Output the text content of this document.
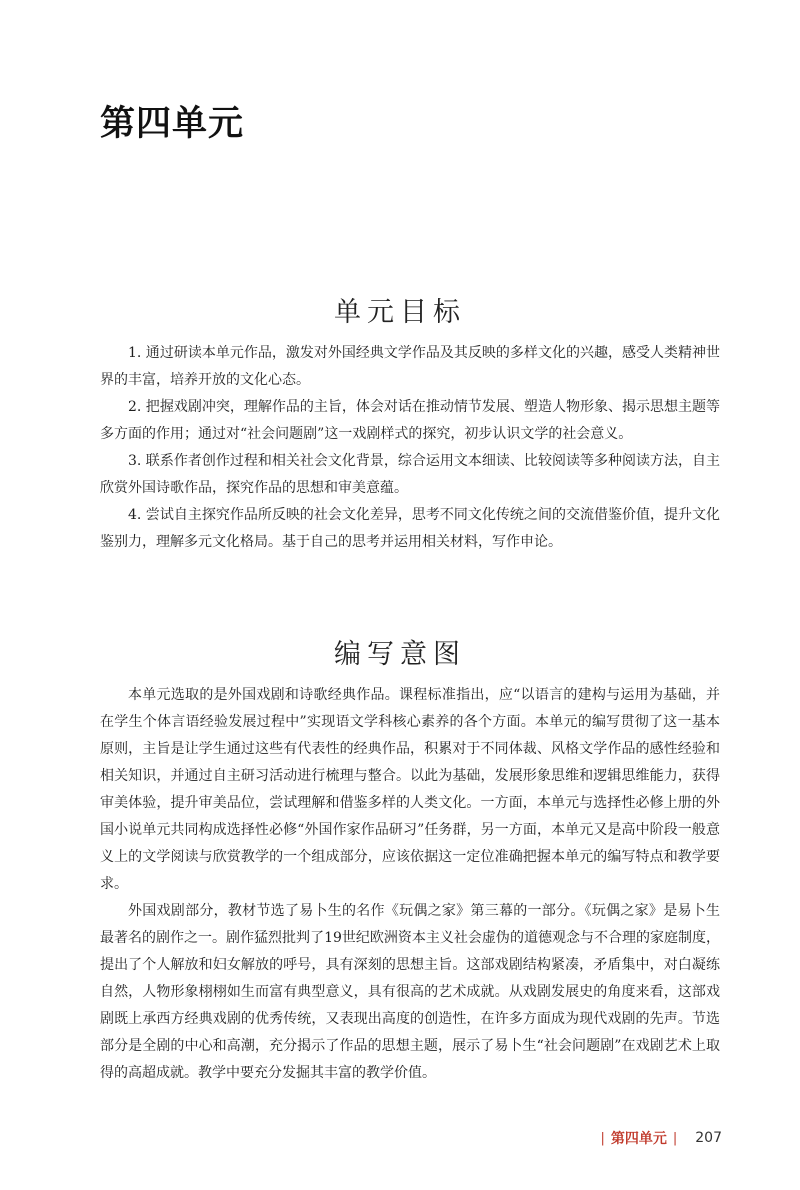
第四单元
单元目标

1. 通过研读本单元作品，激发对外国经典文学作品及其反映的多样文化的兴趣，感受人类精神世界的丰富，培养开放的文化心态。

2. 把握戏剧冲突，理解作品的主旨，体会对话在推动情节发展、塑造人物形象、揭示思想主题等多方面的作用；通过对“社会问题剧”这一戏剧样式的探究，初步认识文学的社会意义。

3. 联系作者创作过程和相关社会文化背景，综合运用文本细读、比较阅读等多种阅读方法，自主欣赏外国诗歌作品，探究作品的思想和审美意蕴。

4. 尝试自主探究作品所反映的社会文化差异，思考不同文化传统之间的交流借鉴价值，提升文化鉴别力，理解多元文化格局。基于自己的思考并运用相关材料，写作申论。

编写意图

本单元选取的是外国戏剧和诗歌经典作品。课程标准指出，应“以语言的建构与运用为基础，并在学生个体言语经验发展过程中”实现语文学科核心素养的各个方面。本单元的编写贯彻了这一基本原则，主旨是让学生通过这些有代表性的经典作品，积累对于不同体裁、风格文学作品的感性经验和相关知识，并通过自主研习活动进行梳理与整合。以此为基础，发展形象思维和逻辑思维能力，获得审美体验，提升审美品位，尝试理解和借鉴多样的人类文化。一方面，本单元与选择性必修上册的外国小说单元共同构成选择性必修“外国作家作品研习”任务群，另一方面，本单元又是高中阶段一般意义上的文学阅读与欣赏教学的一个组成部分，应该依据这一定位准确把握本单元的编写特点和教学要求。

外国戏剧部分，教材节选了易卜生的名作《玩偶之家》第三幕的一部分。《玩偶之家》是易卜生最著名的剧作之一。剧作猛烈批判了19世纪欧洲资本主义社会虚伪的道德观念与不合理的家庭制度，提出了个人解放和妇女解放的呼号，具有深刻的思想主旨。这部戏剧结构紧凑，矛盾集中，对白凝练自然，人物形象栩栩如生而富有典型意义，具有很高的艺术成就。从戏剧发展史的角度来看，这部戏剧既上承西方经典戏剧的优秀传统，又表现出高度的创造性，在许多方面成为现代戏剧的先声。节选部分是全剧的中心和高潮，充分揭示了作品的思想主题，展示了易卜生“社会问题剧”在戏剧艺术上取得的高超成就。教学中要充分发掘其丰富的教学价值。

| 第四单元 | 207
